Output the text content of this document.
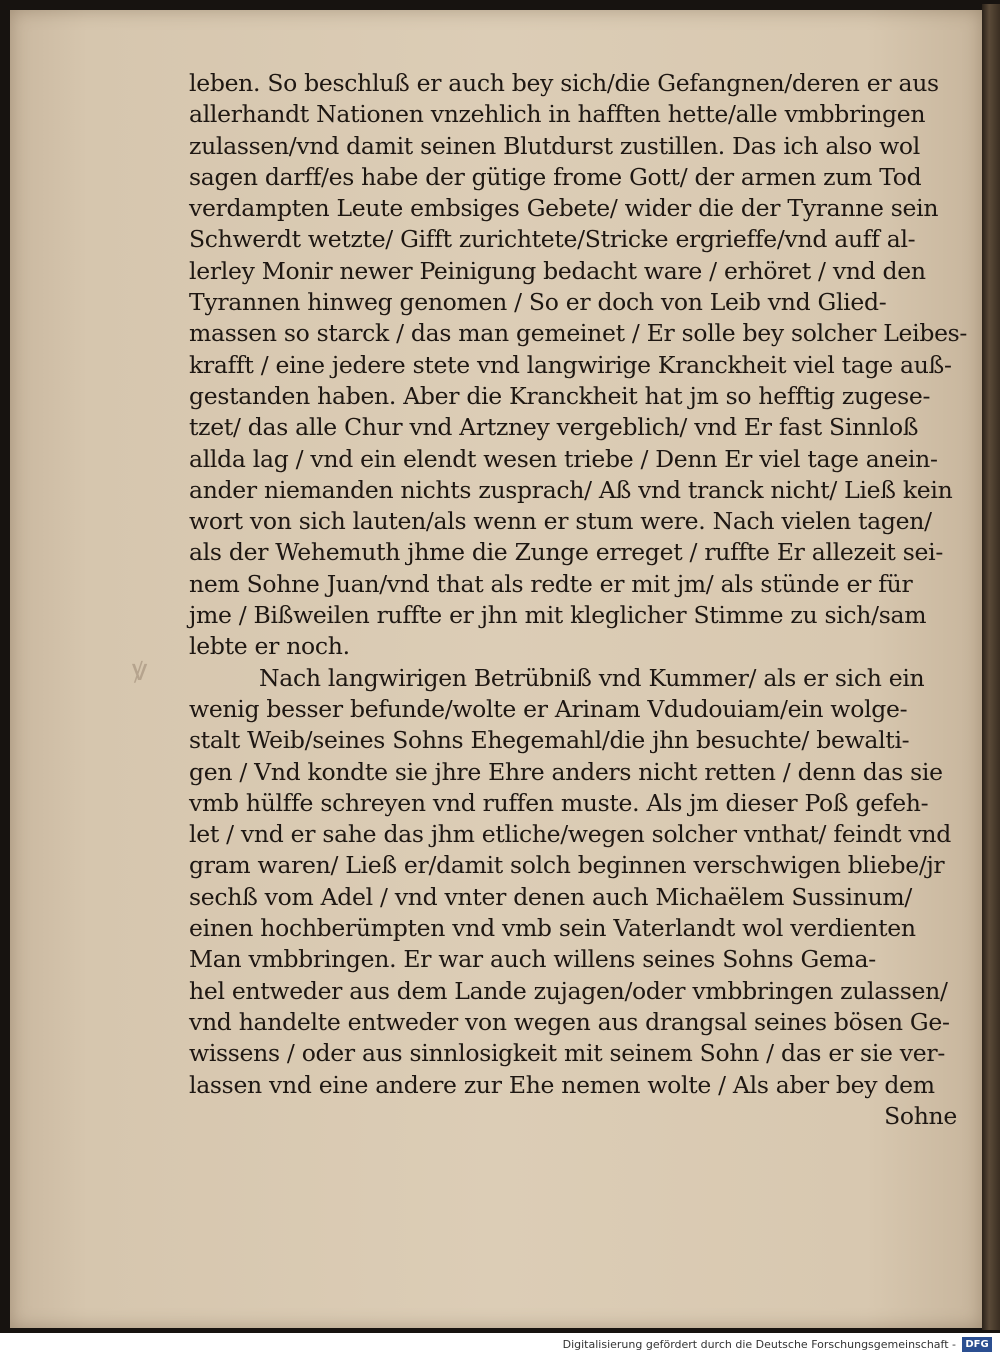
ꝟ
leben. So beschluß er auch bey sich/die Gefangnen/deren er aus
allerhandt Nationen vnzehlich in hafften hette/alle vmbbringen
zulassen/vnd damit seinen Blutdurst zustillen. Das ich also wol
sagen darff/es habe der gütige frome Gott/ der armen zum Tod
verdampten Leute embsiges Gebete/ wider die der Tyranne sein
Schwerdt wetzte/ Gifft zurichtete/Stricke ergrieffe/vnd auff al-
lerley Monir newer Peinigung bedacht ware / erhöret / vnd den
Tyrannen hinweg genomen / So er doch von Leib vnd Glied-
massen so starck / das man gemeinet / Er solle bey solcher Leibes-
krafft / eine jedere stete vnd langwirige Kranckheit viel tage auß-
gestanden haben. Aber die Kranckheit hat jm so hefftig zugese-
tzet/ das alle Chur vnd Artzney vergeblich/ vnd Er fast Sinnloß
allda lag / vnd ein elendt wesen triebe / Denn Er viel tage anein-
ander niemanden nichts zusprach/ Aß vnd tranck nicht/ Ließ kein
wort von sich lauten/als wenn er stum were. Nach vielen tagen/
als der Wehemuth jhme die Zunge erreget / ruffte Er allezeit sei-
nem Sohne Juan/vnd that als redte er mit jm/ als stünde er für
jme / Bißweilen ruffte er jhn mit kleglicher Stimme zu sich/sam
lebte er noch.
Nach langwirigen Betrübniß vnd Kummer/ als er sich ein
wenig besser befunde/wolte er Arinam Vdudouiam/ein wolge-
stalt Weib/seines Sohns Ehegemahl/die jhn besuchte/ bewalti-
gen / Vnd kondte sie jhre Ehre anders nicht retten / denn das sie
vmb hülffe schreyen vnd ruffen muste. Als jm dieser Poß gefeh-
let / vnd er sahe das jhm etliche/wegen solcher vnthat/ feindt vnd
gram waren/ Ließ er/damit solch beginnen verschwigen bliebe/jr
sechß vom Adel / vnd vnter denen auch Michaëlem Sussinum/
einen hochberümpten vnd vmb sein Vaterlandt wol verdienten
Man vmbbringen. Er war auch willens seines Sohns Gema-
hel entweder aus dem Lande zujagen/oder vmbbringen zulassen/
vnd handelte entweder von wegen aus drangsal seines bösen Ge-
wissens / oder aus sinnlosigkeit mit seinem Sohn / das er sie ver-
lassen vnd eine andere zur Ehe nemen wolte / Als aber bey dem
Sohne
Digitalisierung gefördert durch die Deutsche Forschungsgemeinschaft - DFG
